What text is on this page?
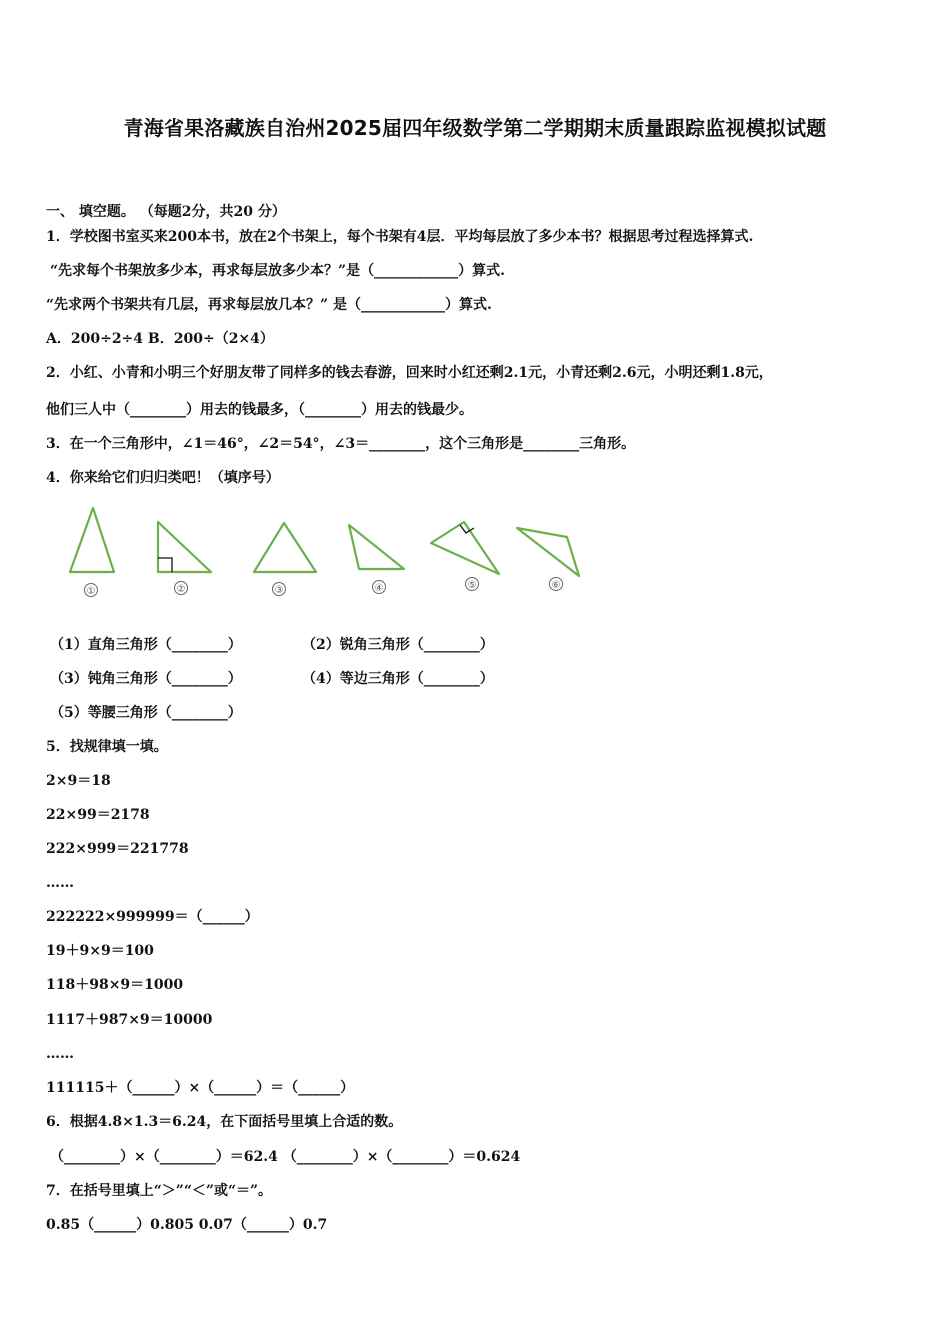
青海省果洛藏族自治州2025届四年级数学第二学期期末质量跟踪监视模拟试题
一、 填空题。 （每题2分，共20 分）
1．学校图书室买来200本书，放在2个书架上，每个书架有4层．平均每层放了多少本书？根据思考过程选择算式.
“先求每个书架放多少本，再求每层放多少本？”是（____________）算式.
“先求两个书架共有几层，再求每层放几本？” 是（____________）算式.
A．200÷2÷4 B．200÷（2×4）
2．小红、小青和小明三个好朋友带了同样多的钱去春游，回来时小红还剩2.1元，小青还剩2.6元，小明还剩1.8元，
他们三人中（________）用去的钱最多，（________）用去的钱最少。
3．在一个三角形中，∠1＝46°，∠2＝54°，∠3＝________，这个三角形是________三角形。
4．你来给它们归归类吧！（填序号）
①	②	③	④	⑤	⑥
（1）直角三角形（________）	（2）锐角三角形（________）
（3）钝角三角形（________）	（4）等边三角形（________）
（5）等腰三角形（________）
5．找规律填一填。
2×9＝18
22×99＝2178
222×999＝221778
……
222222×999999＝（______）
19＋9×9＝100
118＋98×9＝1000
1117＋987×9＝10000
……
111115＋（______）×（______）＝（______）
6．根据4.8×1.3＝6.24，在下面括号里填上合适的数。
（________）×（________）＝62.4 （________）×（________）＝0.624
7．在括号里填上“＞”“＜”或“＝”。
0.85（______）0.805 0.07（______）0.7
